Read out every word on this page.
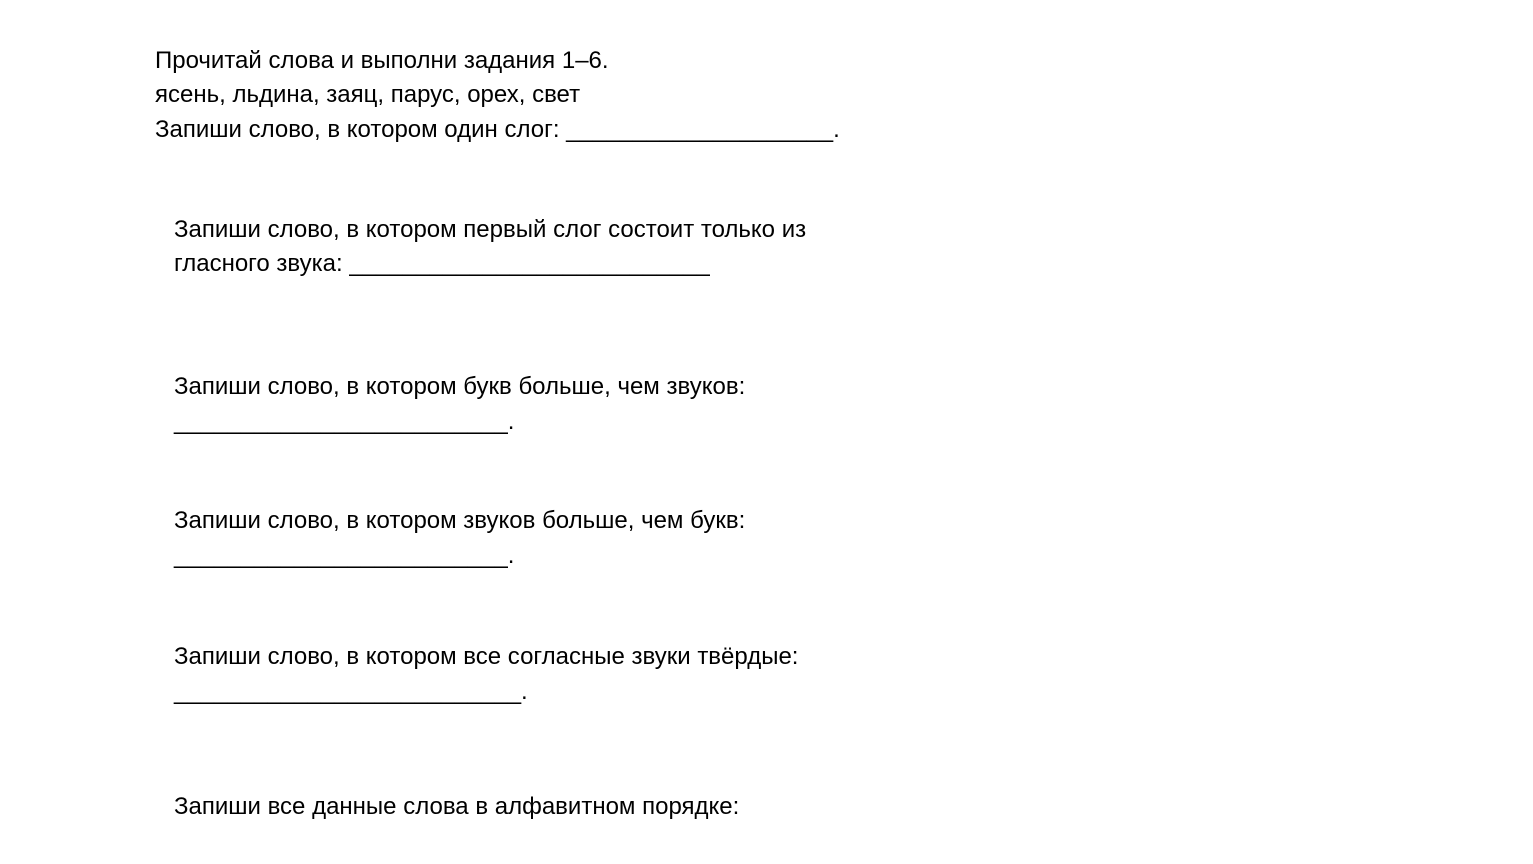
Прочитай слова и выполни задания 1–6.

ясень, льдина, заяц, парус, орех, свет

Запиши слово, в котором один слог: ____________________.

Запиши слово, в котором первый слог состоит только из

гласного звука: ___________________________

Запиши слово, в котором букв больше, чем звуков:

_________________________.

Запиши слово, в котором звуков больше, чем букв:

_________________________.

Запиши слово, в котором все согласные звуки твёрдые:

__________________________.

Запиши все данные слова в алфавитном порядке:
